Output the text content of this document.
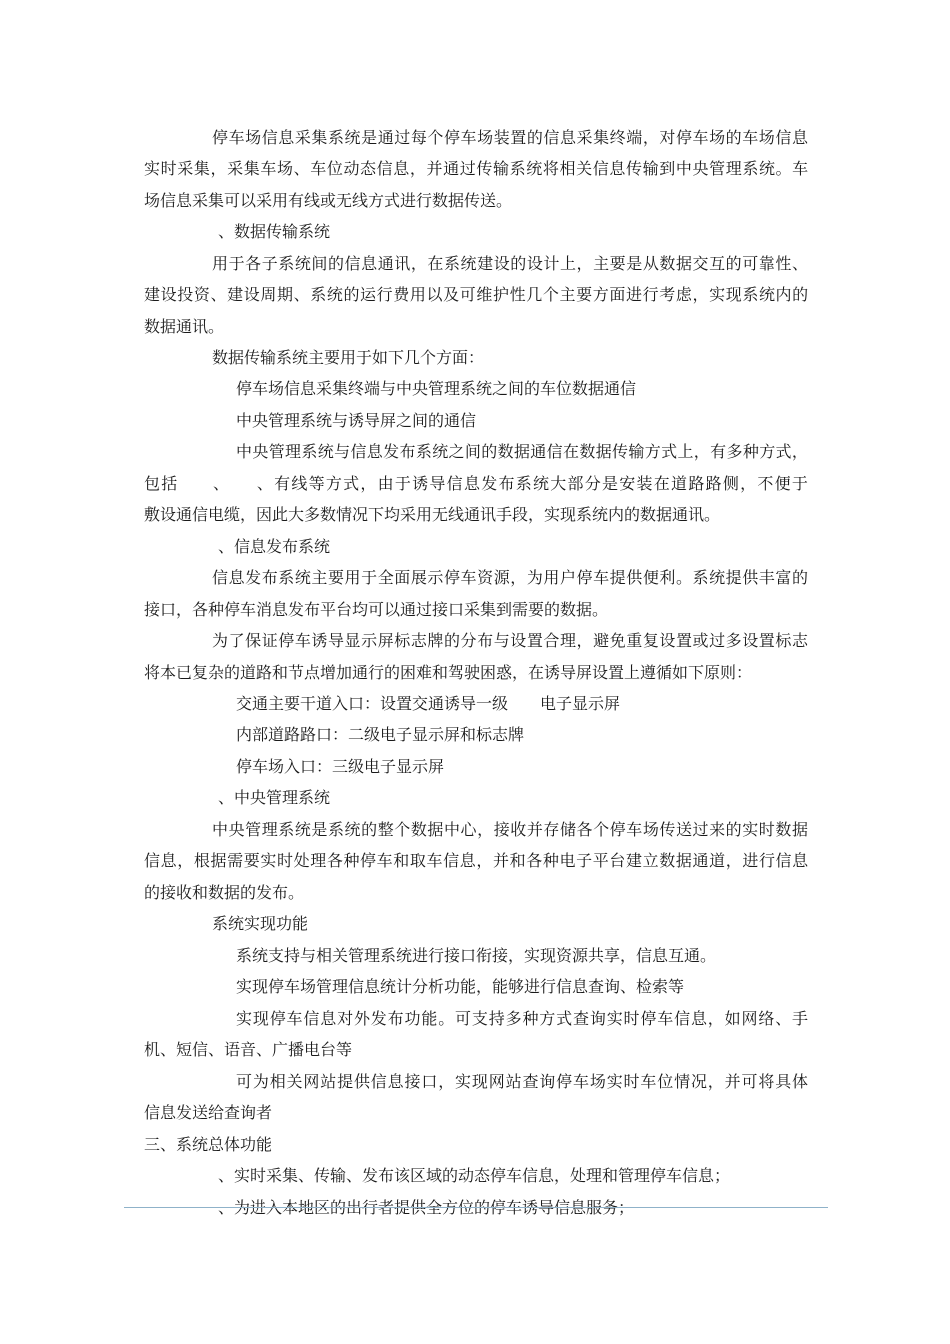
停车场信息采集系统是通过每个停车场装置的信息采集终端，对停车场的车场信息
实时采集，采集车场、车位动态信息，并通过传输系统将相关信息传输到中央管理系统。车
场信息采集可以采用有线或无线方式进行数据传送。
、数据传输系统
用于各子系统间的信息通讯，在系统建设的设计上，主要是从数据交互的可靠性、
建设投资、建设周期、系统的运行费用以及可维护性几个主要方面进行考虑，实现系统内的
数据通讯。
数据传输系统主要用于如下几个方面：
停车场信息采集终端与中央管理系统之间的车位数据通信
中央管理系统与诱导屏之间的通信
中央管理系统与信息发布系统之间的数据通信在数据传输方式上，有多种方式，
包括　　、　　、有线等方式，由于诱导信息发布系统大部分是安装在道路路侧，不便于
敷设通信电缆，因此大多数情况下均采用无线通讯手段，实现系统内的数据通讯。
、信息发布系统
信息发布系统主要用于全面展示停车资源，为用户停车提供便利。系统提供丰富的
接口，各种停车消息发布平台均可以通过接口采集到需要的数据。
为了保证停车诱导显示屏标志牌的分布与设置合理，避免重复设置或过多设置标志
将本已复杂的道路和节点增加通行的困难和驾驶困惑，在诱导屏设置上遵循如下原则：
交通主要干道入口：设置交通诱导一级　　电子显示屏
内部道路路口：二级电子显示屏和标志牌
停车场入口：三级电子显示屏
、中央管理系统
中央管理系统是系统的整个数据中心，接收并存储各个停车场传送过来的实时数据
信息，根据需要实时处理各种停车和取车信息，并和各种电子平台建立数据通道，进行信息
的接收和数据的发布。
系统实现功能
系统支持与相关管理系统进行接口衔接，实现资源共享，信息互通。
实现停车场管理信息统计分析功能，能够进行信息查询、检索等
实现停车信息对外发布功能。可支持多种方式查询实时停车信息，如网络、手
机、短信、语音、广播电台等
可为相关网站提供信息接口，实现网站查询停车场实时车位情况，并可将具体
信息发送给查询者
三、系统总体功能
、实时采集、传输、发布该区域的动态停车信息，处理和管理停车信息；
、为进入本地区的出行者提供全方位的停车诱导信息服务；
